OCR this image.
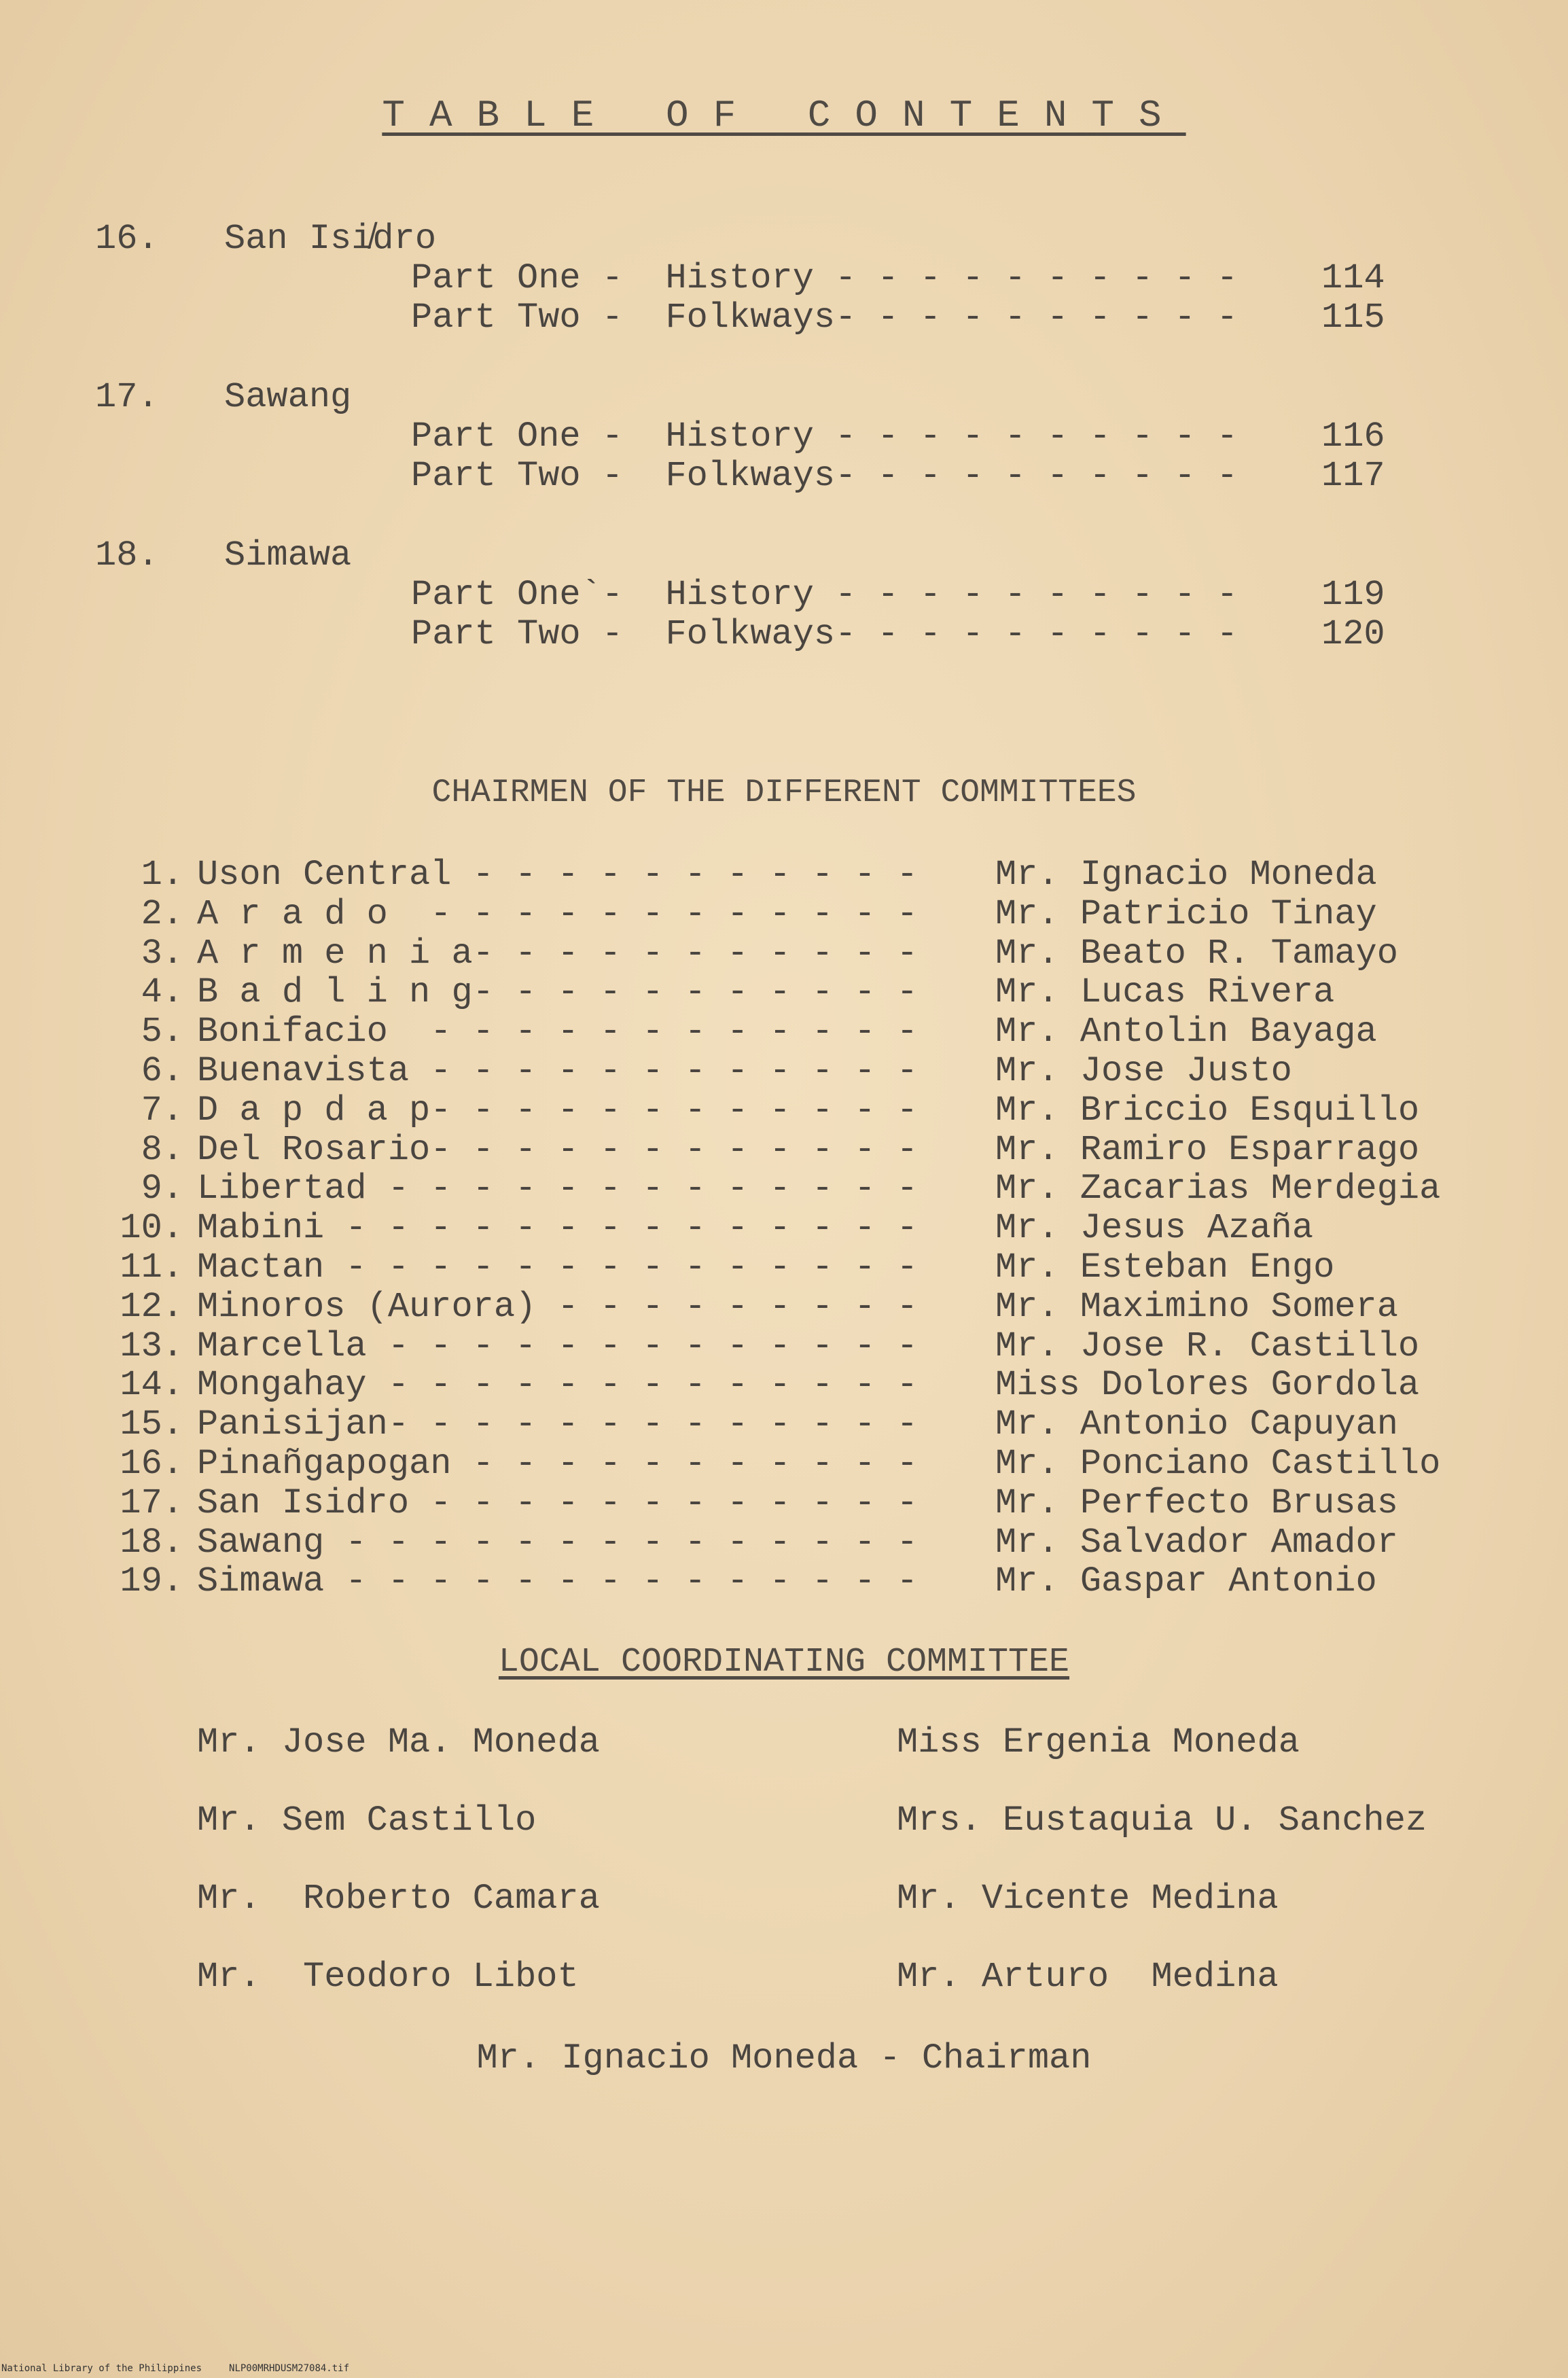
TABLE OF CONTENTS
16. San Isi̸dro
Part One -  History - - - - - - - - - - 114
Part Two -  Folkways- - - - - - - - - - 115
17. Sawang
Part One -  History - - - - - - - - - - 116
Part Two -  Folkways- - - - - - - - - - 117
18. Simawa
Part One`-  History - - - - - - - - - - 119
Part Two -  Folkways- - - - - - - - - - 120
CHAIRMEN OF THE DIFFERENT COMMITTEES
1. Uson Central - - - - - - - - - - - Mr. Ignacio Moneda
2. A r a d o  - - - - - - - - - - - - Mr. Patricio Tinay
3. A r m e n i a- - - - - - - - - - - Mr. Beato R. Tamayo
4. B a d l i n g- - - - - - - - - - - Mr. Lucas Rivera
5. Bonifacio  - - - - - - - - - - - - Mr. Antolin Bayaga
6. Buenavista - - - - - - - - - - - - Mr. Jose Justo
7. D a p d a p- - - - - - - - - - - - Mr. Briccio Esquillo
8. Del Rosario- - - - - - - - - - - - Mr. Ramiro Esparrago
9. Libertad - - - - - - - - - - - - - Mr. Zacarias Merdegia
10. Mabini - - - - - - - - - - - - - - Mr. Jesus Azaña
11. Mactan - - - - - - - - - - - - - - Mr. Esteban Engo
12. Minoros (Aurora) - - - - - - - - - Mr. Maximino Somera
13. Marcella - - - - - - - - - - - - - Mr. Jose R. Castillo
14. Mongahay - - - - - - - - - - - - - Miss Dolores Gordola
15. Panisijan- - - - - - - - - - - - - Mr. Antonio Capuyan
16. Pinañgapogan - - - - - - - - - - - Mr. Ponciano Castillo
17. San Isidro - - - - - - - - - - - - Mr. Perfecto Brusas
18. Sawang - - - - - - - - - - - - - - Mr. Salvador Amador
19. Simawa - - - - - - - - - - - - - - Mr. Gaspar Antonio
LOCAL COORDINATING COMMITTEE
Mr. Jose Ma. Moneda
Mr. Sem Castillo
Mr.  Roberto Camara
Mr.  Teodoro Libot
Miss Ergenia Moneda
Mrs. Eustaquia U. Sanchez
Mr. Vicente Medina
Mr. Arturo  Medina
Mr. Ignacio Moneda - Chairman
National Library of the Philippines	NLP00MRHDUSM27084.tif
